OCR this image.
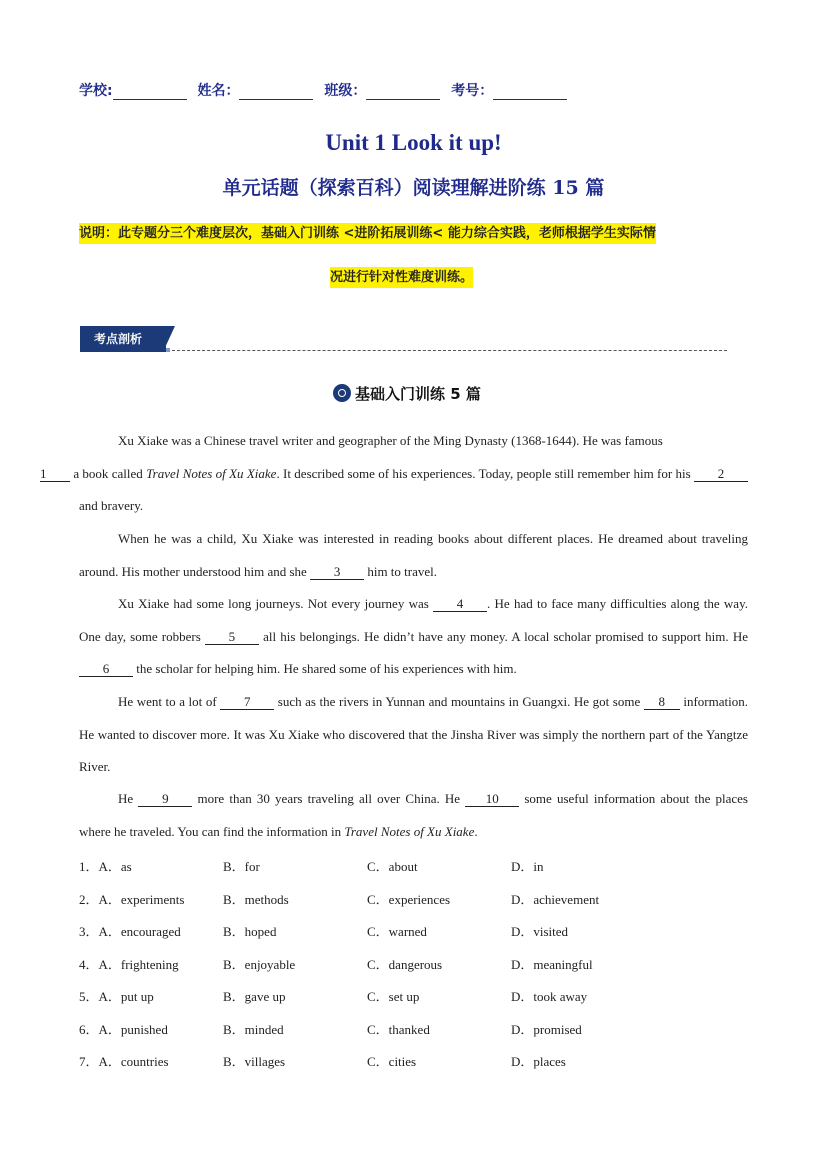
学校:	姓名：	班级：	考号：
Unit 1 Look it up!
单元话题（探索百科）阅读理解进阶练 15 篇
说明：此专题分三个难度层次，基础入门训练 <进阶拓展训练< 能力综合实践，老师根据学生实际情
况进行针对性难度训练。
考点剖析
基础入门训练 5 篇
Xu Xiake was a Chinese travel writer and geographer of the Ming Dynasty (1368-1644). He was famous
1 a book called Travel Notes of Xu Xiake. It described some of his experiences. Today, people still remember him for his 2 and bravery.
When he was a child, Xu Xiake was interested in reading books about different places. He dreamed about traveling around. His mother understood him and she 3 him to travel.
Xu Xiake had some long journeys. Not every journey was 4 . He had to face many difficulties along the way. One day, some robbers 5 all his belongings. He didn’t have any money. A local scholar promised to support him. He 6 the scholar for helping him. He shared some of his experiences with him.
He went to a lot of 7 such as the rivers in Yunnan and mountains in Guangxi. He got some 8 information. He wanted to discover more. It was Xu Xiake who discovered that the Jinsha River was simply the northern part of the Yangtze River.
He 9 more than 30 years traveling all over China. He 10 some useful information about the places where he traveled. You can find the information in Travel Notes of Xu Xiake.
1．A．as	B．for	C．about	D．in
2．A．experiments	B．methods	C．experiences	D．achievement
3．A．encouraged	B．hoped	C．warned	D．visited
4．A．frightening	B．enjoyable	C．dangerous	D．meaningful
5．A．put up	B．gave up	C．set up	D．took away
6．A．punished	B．minded	C．thanked	D．promised
7．A．countries	B．villages	C．cities	D．places
